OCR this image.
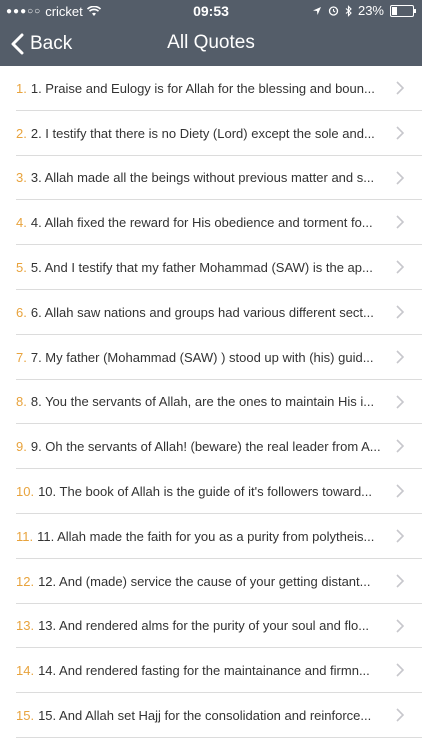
●●●○○ cricket	09:53	23%
Back	All Quotes
1. 1. Praise and Eulogy is for Allah for the blessing and boun...
2. 2. I testify that there is no Diety (Lord) except the sole and...
3. 3. Allah made all the beings without previous matter and s...
4. 4. Allah fixed the reward for His obedience and torment fo...
5. 5. And I testify that my father Mohammad (SAW) is the ap...
6. 6. Allah saw nations and groups had various different sect...
7. 7. My father (Mohammad (SAW) ) stood up with (his) guid...
8. 8. You the servants of Allah, are the ones to maintain His i...
9. 9. Oh the servants of Allah! (beware) the real leader from A...
10. 10. The book of Allah is the guide of it's followers toward...
11. 11. Allah made the faith for you as a purity from polytheis...
12. 12. And (made) service the cause of your getting distant...
13. 13. And rendered alms for the purity of your soul and flo...
14. 14. And rendered fasting for the maintainance and firmn...
15. 15. And Allah set Hajj for the consolidation and reinforce...
